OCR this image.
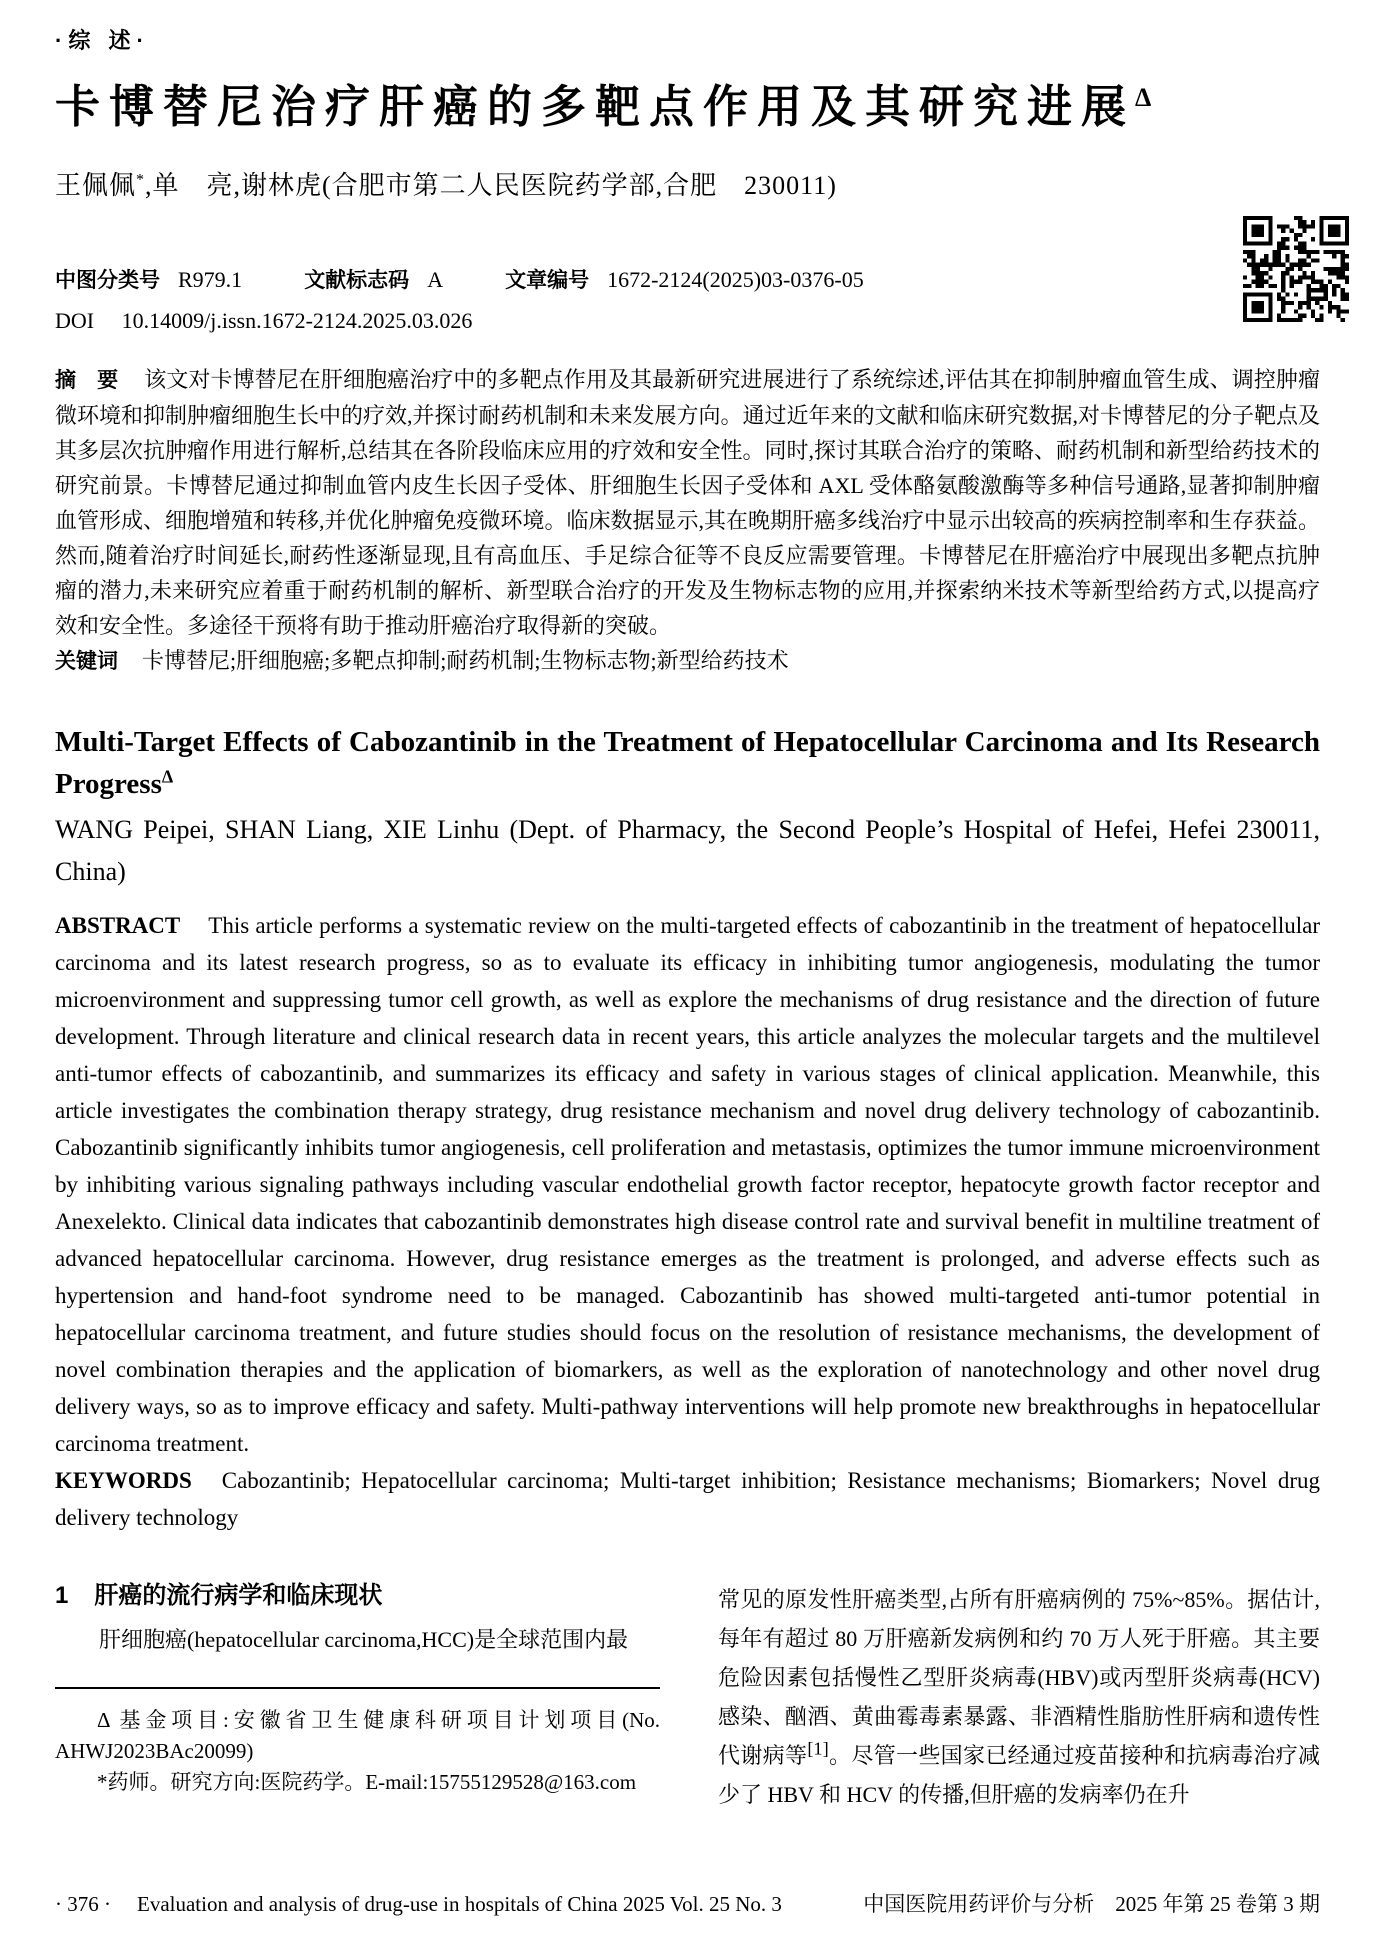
·综 述·
卡博替尼治疗肝癌的多靶点作用及其研究进展$^\Delta$
王佩佩*,单　亮,谢林虎(合肥市第二人民医院药学部,合肥　230011)
中图分类号 R979.1	文献标志码 A	文章编号 1672-2124(2025)03-0376-05
DOI 10.14009/j.issn.1672-2124.2025.03.026

摘　要 该文对卡博替尼在肝细胞癌治疗中的多靶点作用及其最新研究进展进行了系统综述,评估其在抑制肿瘤血管生成、调控肿瘤微环境和抑制肿瘤细胞生长中的疗效,并探讨耐药机制和未来发展方向。通过近年来的文献和临床研究数据,对卡博替尼的分子靶点及其多层次抗肿瘤作用进行解析,总结其在各阶段临床应用的疗效和安全性。同时,探讨其联合治疗的策略、耐药机制和新型给药技术的研究前景。卡博替尼通过抑制血管内皮生长因子受体、肝细胞生长因子受体和 AXL 受体酪氨酸激酶等多种信号通路,显著抑制肿瘤血管形成、细胞增殖和转移,并优化肿瘤免疫微环境。临床数据显示,其在晚期肝癌多线治疗中显示出较高的疾病控制率和生存获益。然而,随着治疗时间延长,耐药性逐渐显现,且有高血压、手足综合征等不良反应需要管理。卡博替尼在肝癌治疗中展现出多靶点抗肿瘤的潜力,未来研究应着重于耐药机制的解析、新型联合治疗的开发及生物标志物的应用,并探索纳米技术等新型给药方式,以提高疗效和安全性。多途径干预将有助于推动肝癌治疗取得新的突破。

关键词 卡博替尼;肝细胞癌;多靶点抑制;耐药机制;生物标志物;新型给药技术

Multi-Target Effects of Cabozantinib in the Treatment of Hepatocellular Carcinoma and Its Research Progress$^\Delta$
WANG Peipei, SHAN Liang, XIE Linhu (Dept. of Pharmacy, the Second People’s Hospital of Hefei, Hefei 230011, China)

ABSTRACT This article performs a systematic review on the multi-targeted effects of cabozantinib in the treatment of hepatocellular carcinoma and its latest research progress, so as to evaluate its efficacy in inhibiting tumor angiogenesis, modulating the tumor microenvironment and suppressing tumor cell growth, as well as explore the mechanisms of drug resistance and the direction of future development. Through literature and clinical research data in recent years, this article analyzes the molecular targets and the multilevel anti-tumor effects of cabozantinib, and summarizes its efficacy and safety in various stages of clinical application. Meanwhile, this article investigates the combination therapy strategy, drug resistance mechanism and novel drug delivery technology of cabozantinib. Cabozantinib significantly inhibits tumor angiogenesis, cell proliferation and metastasis, optimizes the tumor immune microenvironment by inhibiting various signaling pathways including vascular endothelial growth factor receptor, hepatocyte growth factor receptor and Anexelekto. Clinical data indicates that cabozantinib demonstrates high disease control rate and survival benefit in multiline treatment of advanced hepatocellular carcinoma. However, drug resistance emerges as the treatment is prolonged, and adverse effects such as hypertension and hand-foot syndrome need to be managed. Cabozantinib has showed multi-targeted anti-tumor potential in hepatocellular carcinoma treatment, and future studies should focus on the resolution of resistance mechanisms, the development of novel combination therapies and the application of biomarkers, as well as the exploration of nanotechnology and other novel drug delivery ways, so as to improve efficacy and safety. Multi-pathway interventions will help promote new breakthroughs in hepatocellular carcinoma treatment.

KEYWORDS Cabozantinib; Hepatocellular carcinoma; Multi-target inhibition; Resistance mechanisms; Biomarkers; Novel drug delivery technology

1 肝癌的流行病学和临床现状

肝细胞癌(hepatocellular carcinoma,HCC)是全球范围内最

Δ 基金项目:安徽省卫生健康科研项目计划项目(No. AHWJ2023BAc20099)

*药师。研究方向:医院药学。E-mail:15755129528@163.com

常见的原发性肝癌类型,占所有肝癌病例的 75%~85%。据估计,每年有超过 80 万肝癌新发病例和约 70 万人死于肝癌。其主要危险因素包括慢性乙型肝炎病毒(HBV)或丙型肝炎病毒(HCV)感染、酗酒、黄曲霉毒素暴露、非酒精性脂肪性肝病和遗传性代谢病等[1]。尽管一些国家已经通过疫苗接种和抗病毒治疗减少了 HBV 和 HCV 的传播,但肝癌的发病率仍在升

· 376 · Evaluation and analysis of drug-use in hospitals of China 2025 Vol. 25 No. 3	中国医院用药评价与分析　2025 年第 25 卷第 3 期
